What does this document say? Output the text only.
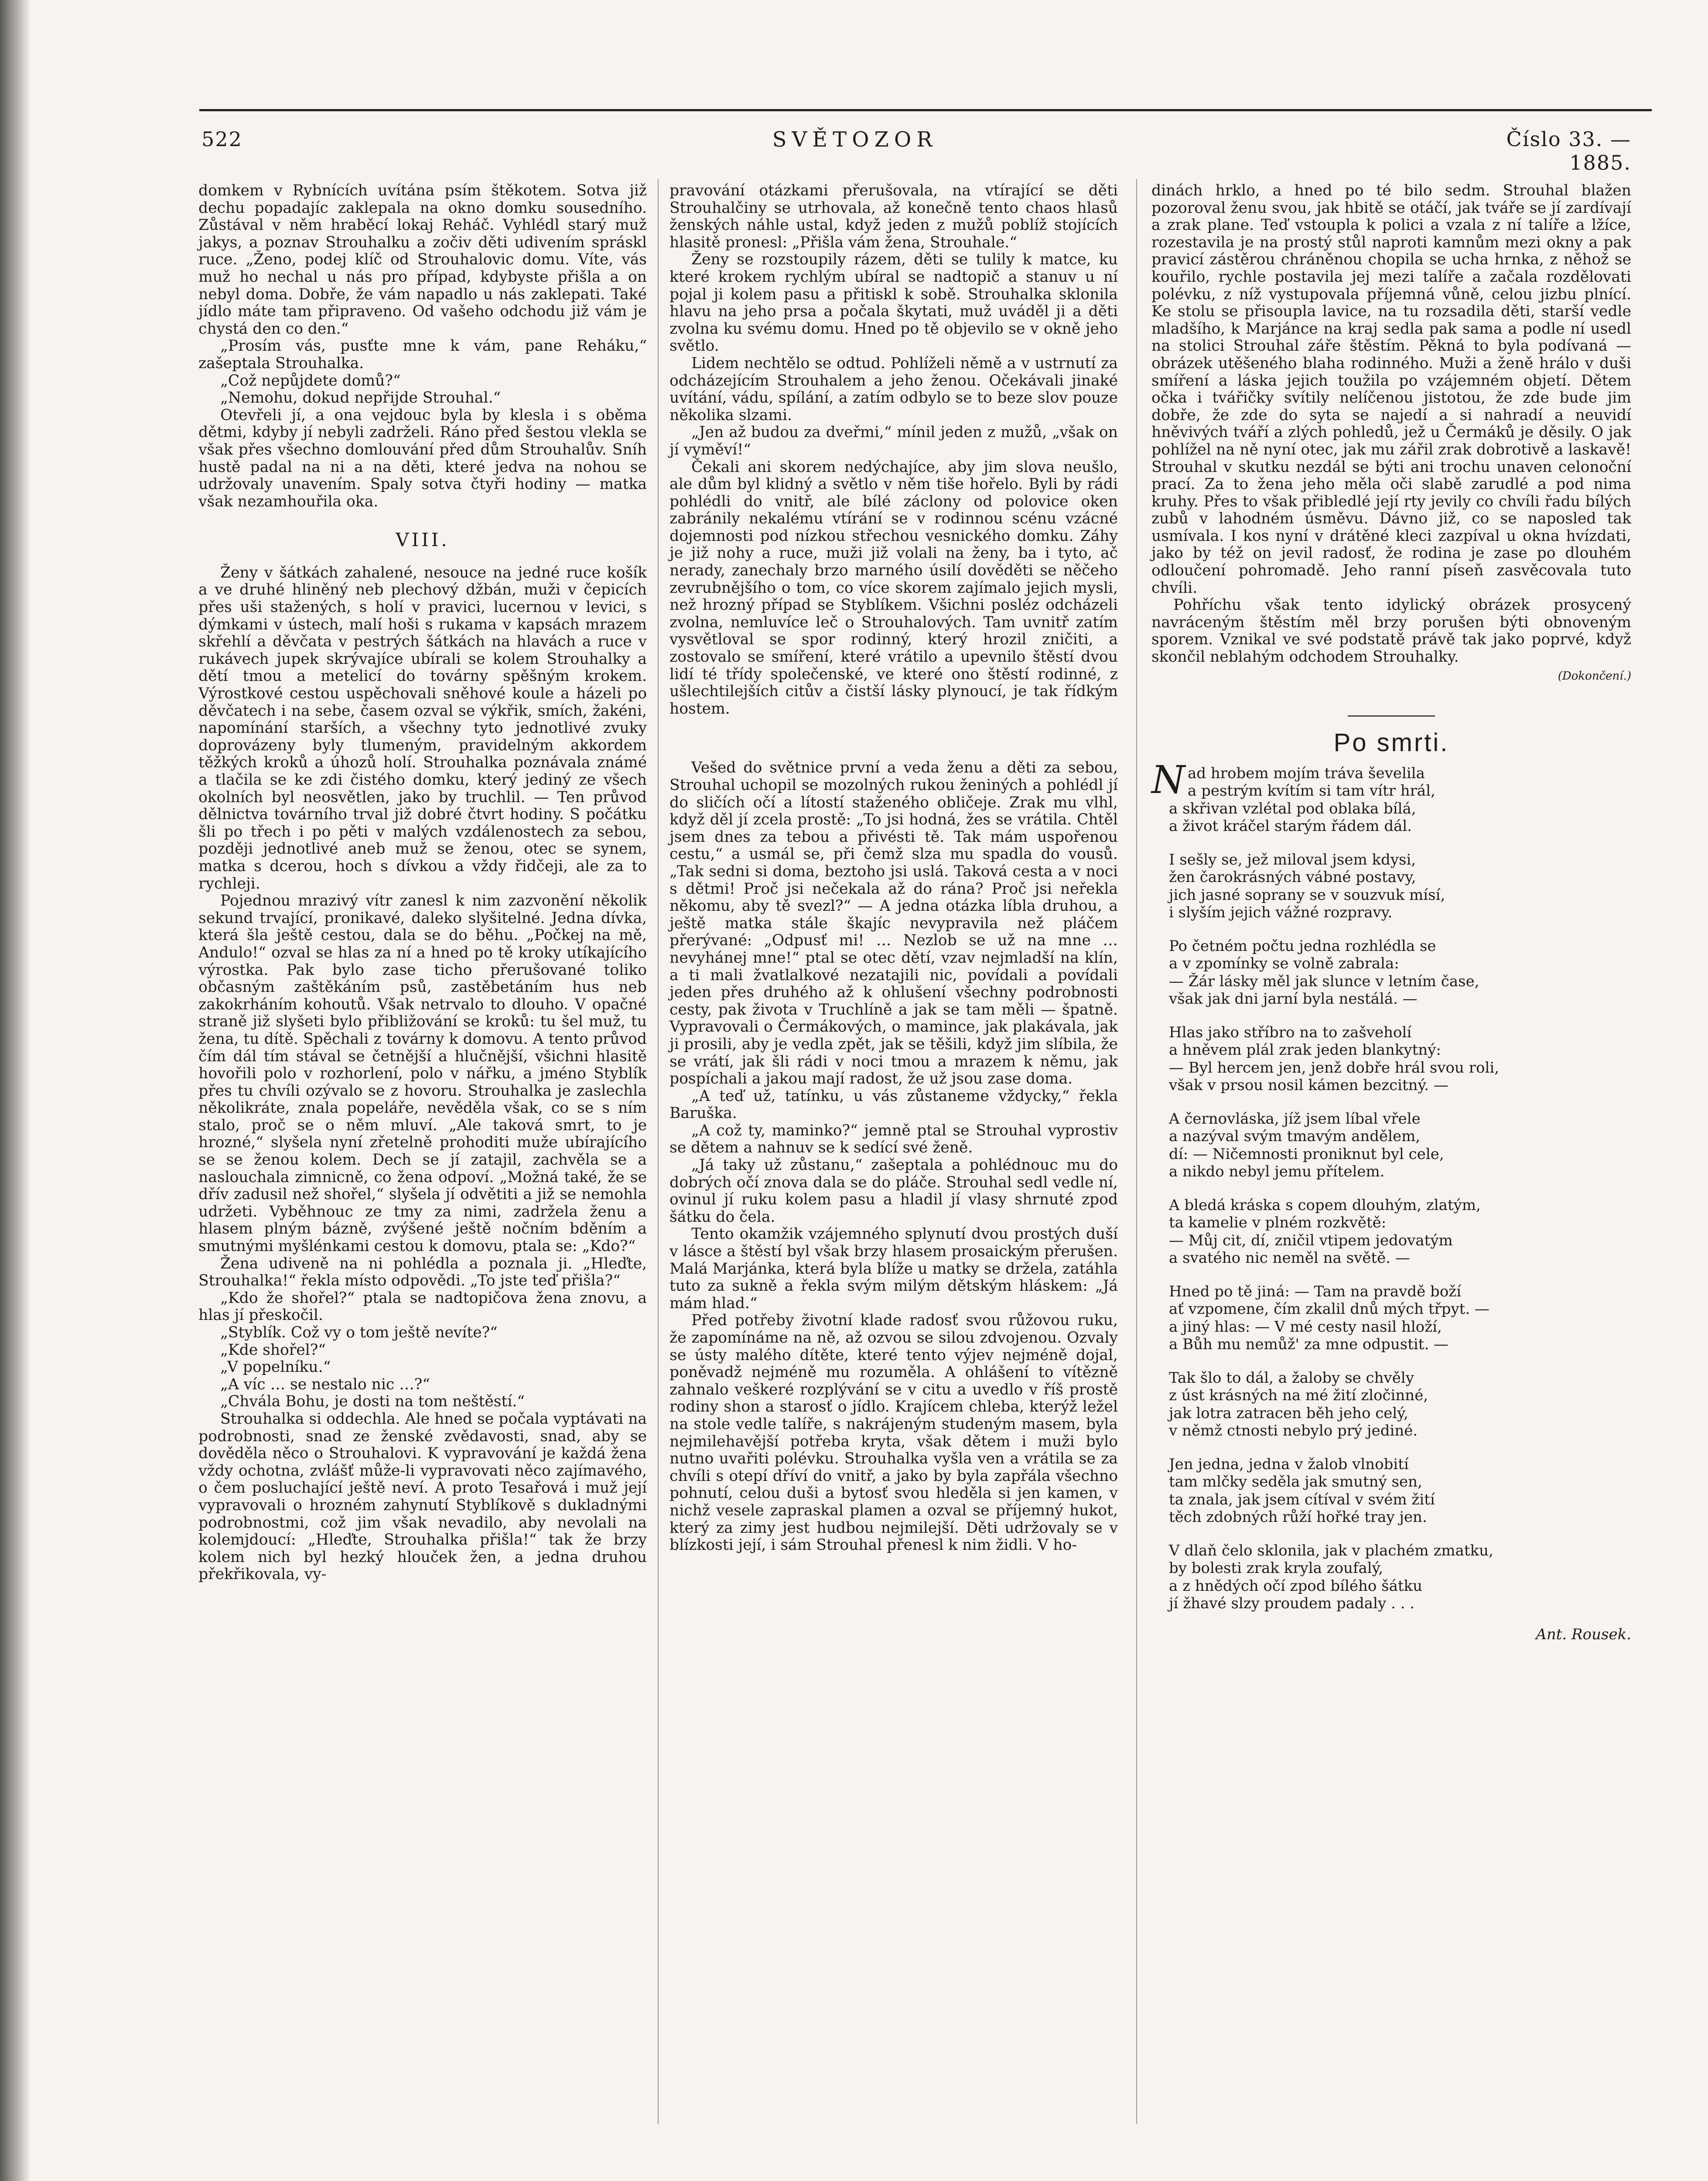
522	SVĚTOZOR	Číslo 33. — 1885.

domkem v Rybnících uvítána psím štěkotem. Sotva již dechu popadajíc zaklepala na okno domku sousedního. Zůstával v něm hraběcí lokaj Reháč. Vyhlédl starý muž jakys, a poznav Strouhalku a zočiv děti udivením spráskl ruce. „Ženo, podej klíč od Strouhalovic domu. Víte, vás muž ho nechal u nás pro případ, kdybyste přišla a on nebyl doma. Dobře, že vám napadlo u nás zaklepati. Také jídlo máte tam připraveno. Od vašeho odchodu již vám je chystá den co den.“

„Prosím vás, pusťte mne k vám, pane Reháku,“ zašeptala Strouhalka.

„Což nepůjdete domů?“

„Nemohu, dokud nepřijde Strouhal.“

Otevřeli jí, a ona vejdouc byla by klesla i s oběma dětmi, kdyby jí nebyli zadrželi. Ráno před šestou vlekla se však přes všechno domlouvání před dům Strouhalův. Sníh hustě padal na ni a na děti, které jedva na nohou se udržovaly unavením. Spaly sotva čtyři hodiny — matka však nezamhouřila oka.

VIII.

Ženy v šátkách zahalené, nesouce na jedné ruce košík a ve druhé hliněný neb plechový džbán, muži v čepicích přes uši stažených, s holí v pravici, lucernou v levici, s dýmkami v ústech, malí hoši s rukama v kapsách mrazem skřehlí a děvčata v pestrých šátkách na hlavách a ruce v rukávech jupek skrývajíce ubírali se kolem Strouhalky a dětí tmou a metelicí do továrny spěšným krokem. Výrostkové cestou uspěchovali sněhové koule a házeli po děvčatech i na sebe, časem ozval se výkřik, smích, žakéni, napomínání starších, a všechny tyto jednotlivé zvuky doprovázeny byly tlumeným, pravidelným akkordem těžkých kroků a úhozů holí. Strouhalka poznávala známé a tlačila se ke zdi čistého domku, který jediný ze všech okolních byl neosvětlen, jako by truchlil. — Ten průvod dělnictva továrního trval již dobré čtvrt hodiny. S počátku šli po třech i po pěti v malých vzdálenostech za sebou, později jednotlivé aneb muž se ženou, otec se synem, matka s dcerou, hoch s dívkou a vždy řidčeji, ale za to rychleji.

Pojednou mrazivý vítr zanesl k nim zazvonění několik sekund trvající, pronikavé, daleko slyšitelné. Jedna dívka, která šla ještě cestou, dala se do běhu. „Počkej na mě, Andulo!“ ozval se hlas za ní a hned po tě kroky utíkajícího výrostka. Pak bylo zase ticho přerušované toliko občasným zaštěkáním psů, zastěbetáním hus neb zakokrháním kohoutů. Však netrvalo to dlouho. V opačné straně již slyšeti bylo přibližování se kroků: tu šel muž, tu žena, tu dítě. Spěchali z továrny k domovu. A tento průvod čím dál tím stával se četnější a hlučnější, všichni hlasitě hovořili polo v rozhorlení, polo v nářku, a jméno Styblík přes tu chvíli ozývalo se z hovoru. Strouhalka je zaslechla několikráte, znala popeláře, nevěděla však, co se s ním stalo, proč se o něm mluví. „Ale taková smrt, to je hrozné,“ slyšela nyní zřetelně prohoditi muže ubírajícího se se ženou kolem. Dech se jí zatajil, zachvěla se a naslouchala zimnicně, co žena odpoví. „Možná také, že se dřív zadusil než shořel,“ slyšela jí odvětiti a již se nemohla udržeti. Vyběhnouc ze tmy za nimi, zadržela ženu a hlasem plným bázně, zvýšené ještě nočním bděním a smutnými myšlénkami cestou k domovu, ptala se: „Kdo?“

Žena udiveně na ni pohlédla a poznala ji. „Hleďte, Strouhalka!“ řekla místo odpovědi. „To jste teď přišla?“

„Kdo že shořel?“ ptala se nadtopičova žena znovu, a hlas jí přeskočil.

„Styblík. Což vy o tom ještě nevíte?“

„Kde shořel?“

„V popelníku.“

„A víc … se nestalo nic …?“

„Chvála Bohu, je dosti na tom neštěstí.“

Strouhalka si oddechla. Ale hned se počala vyptávati na podrobnosti, snad ze ženské zvědavosti, snad, aby se dověděla něco o Strouhalovi. K vypravování je každá žena vždy ochotna, zvlášť může-li vypravovati něco zajímavého, o čem posluchající ještě neví. A proto Tesařová i muž její vypravovali o hrozném zahynutí Styblíkově s dukladnými podrobnostmi, což jim však nevadilo, aby nevolali na kolemjdoucí: „Hleďte, Strouhalka přišla!“ tak že brzy kolem nich byl hezký hlouček žen, a jedna druhou překřikovala, vy-

pravování otázkami přerušovala, na vtírající se děti Strouhalčiny se utrhovala, až konečně tento chaos hlasů ženských náhle ustal, když jeden z mužů poblíž stojících hlasitě pronesl: „Přišla vám žena, Strouhale.“

Ženy se rozstoupily rázem, děti se tulily k matce, ku které krokem rychlým ubíral se nadtopič a stanuv u ní pojal ji kolem pasu a přitiskl k sobě. Strouhalka sklonila hlavu na jeho prsa a počala škytati, muž uváděl ji a děti zvolna ku svému domu. Hned po tě objevilo se v okně jeho světlo.

Lidem nechtělo se odtud. Pohlíželi němě a v ustrnutí za odcházejícím Strouhalem a jeho ženou. Očekávali jinaké uvítání, vádu, spílání, a zatím odbylo se to beze slov pouze několika slzami.

„Jen až budou za dveřmi,“ mínil jeden z mužů, „však on jí vyměví!“

Čekali ani skorem nedýchajíce, aby jim slova neušlo, ale dům byl klidný a světlo v něm tiše hořelo. Byli by rádi pohlédli do vnitř, ale bílé záclony od polovice oken zabránily nekalému vtírání se v rodinnou scénu vzácné dojemnosti pod nízkou střechou vesnického domku. Záhy je již nohy a ruce, muži již volali na ženy, ba i tyto, ač nerady, zanechaly brzo marného úsilí dověděti se něčeho zevrubnějšího o tom, co více skorem zajímalo jejich mysli, než hrozný případ se Styblíkem. Všichni posléz odcházeli zvolna, nemluvíce leč o Strouhalových. Tam uvnitř zatím vysvětloval se spor rodinný, který hrozil zničiti, a zostovalo se smíření, které vrátilo a upevnilo štěstí dvou lidí té třídy společenské, ve které ono štěstí rodinné, z ušlechtilejších citův a čistší lásky plynoucí, je tak řídkým hostem.

Vešed do světnice první a veda ženu a děti za sebou, Strouhal uchopil se mozolných rukou ženiných a pohlédl jí do sličích očí a lítostí staženého obličeje. Zrak mu vlhl, když děl jí zcela prostě: „To jsi hodná, žes se vrátila. Chtěl jsem dnes za tebou a přivésti tě. Tak mám uspořenou cestu,“ a usmál se, při čemž slza mu spadla do vousů. „Tak sedni si doma, beztoho jsi uslá. Taková cesta a v noci s dětmi! Proč jsi nečekala až do rána? Proč jsi neřekla někomu, aby tě svezl?“ — A jedna otázka líbla druhou, a ještě matka stále škajíc nevypravila než pláčem přerývané: „Odpusť mi! … Nezlob se už na mne … nevyhánej mne!“ ptal se otec dětí, vzav nejmladší na klín, a ti mali žvatlalkové nezatajili nic, povídali a povídali jeden přes druhého až k ohlušení všechny podrobnosti cesty, pak života v Truchlíně a jak se tam měli — špatně. Vypravovali o Čermákových, o mamince, jak plakávala, jak ji prosili, aby je vedla zpět, jak se těšili, když jim slíbila, že se vrátí, jak šli rádi v noci tmou a mrazem k němu, jak pospíchali a jakou mají radost, že už jsou zase doma.

„A teď už, tatínku, u vás zůstaneme vždycky,“ řekla Baruška.

„A což ty, maminko?“ jemně ptal se Strouhal vyprostiv se dětem a nahnuv se k sedící své ženě.

„Já taky už zůstanu,“ zašeptala a pohlédnouc mu do dobrých očí znova dala se do pláče. Strouhal sedl vedle ní, ovinul jí ruku kolem pasu a hladil jí vlasy shrnuté zpod šátku do čela.

Tento okamžik vzájemného splynutí dvou prostých duší v lásce a štěstí byl však brzy hlasem prosaickým přerušen. Malá Marjánka, která byla blíže u matky se držela, zatáhla tuto za sukně a řekla svým milým dětským hláskem: „Já mám hlad.“

Před potřeby životní klade radosť svou růžovou ruku, že zapomínáme na ně, až ozvou se silou zdvojenou. Ozvaly se ústy malého dítěte, které tento výjev nejméně dojal, poněvadž nejméně mu rozuměla. A ohlášení to vítězně zahnalo veškeré rozplývání se v citu a uvedlo v říš prostě rodiny shon a starosť o jídlo. Krajícem chleba, kterýž ležel na stole vedle talíře, s nakrájeným studeným masem, byla neјmilehavější potřeba kryta, však dětem i muži bylo nutno uvařiti polévku. Strouhalka vyšla ven a vrátila se za chvíli s otepí dříví do vnitř, a jako by byla zapřála všechno pohnutí, celou duši a bytosť svou hleděla si jen kamen, v nichž vesele zapraskal plamen a ozval se příjemný hukot, který za zimy jest hudbou nejmilejší. Děti udržovaly se v blízkosti její, i sám Strouhal přenesl k nim židli. V ho-

dinách hrklo, a hned po té bilo sedm. Strouhal blažen pozoroval ženu svou, jak hbitě se otáčí, jak tváře se jí zardívají a zrak plane. Teď vstoupla k polici a vzala z ní talíře a lžíce, rozestavila je na prostý stůl naproti kamnům mezi okny a pak pravicí zástěrou chráněnou chopila se ucha hrnka, z něhož se kouřilo, rychle postavila jej mezi talíře a začala rozdělovati polévku, z níž vystupovala příjemná vůně, celou jizbu plnící. Ke stolu se přisoupla lavice, na tu rozsadila děti, starší vedle mladšího, k Marjánce na kraj sedla pak sama a podle ní usedl na stolici Strouhal záře štěstím. Pěkná to byla podívaná — obrázek utěšeného blaha rodinného. Muži a ženě hrálo v duši smíření a láska jejich toužila po vzájemném objetí. Dětem očka i tvářičky svítily nelíčenou jistotou, že zde bude jim dobře, že zde do syta se najedí a si nahradí a neuvidí hněvivých tváří a zlých pohledů, jež u Čermáků je děsily. O jak pohlížel na ně nyní otec, jak mu zářil zrak dobrotivě a laskavě! Strouhal v skutku nezdál se býti ani trochu unaven celonoční prací. Za to žena jeho měla oči slabě zarudlé a pod nima kruhy. Přes to však přibledlé její rty jevily co chvíli řadu bílých zubů v lahodném úsměvu. Dávno již, co se naposled tak usmívala. I kos nyní v drátěné kleci zazpíval u okna hvízdati, jako by též on jevil radosť, že rodina je zase po dlouhém odloučení pohromadě. Jeho ranní píseň zasvěcovala tuto chvíli.

Pohříchu však tento idylický obrázek prosycený navráceným štěstím měl brzy porušen býti obnoveným sporem. Vznikal ve své podstatě právě tak jako poprvé, když skončil neblahým odchodem Strouhalky.

(Dokončení.)
Po smrti.
N ad hrobem mojím tráva ševelila
a pestrým kvítím si tam vítr hrál,
a skřivan vzlétal pod oblaka bílá,
a život kráčel starým řádem dál.
I sešly se, jež miloval jsem kdysi,
žen čarokrásných vábné postavy,
jich jasné soprany se v souzvuk mísí,
i slyším jejich vážné rozpravy.
Po četném počtu jedna rozhlédla se
a v zpomínky se volně zabrala:
— Žár lásky měl jak slunce v letním čase,
však jak dni jarní byla nestálá. —
Hlas jako stříbro na to zašveholí
a hněvem plál zrak jeden blankytný:
— Byl hercem jen, jenž dobře hrál svou roli,
však v prsou nosil kámen bezcitný. —
A černovláska, jíž jsem líbal vřele
a nazýval svým tmavým andělem,
dí: — Ničemnosti proniknut byl cele,
a nikdo nebyl jemu přítelem.
A bledá kráska s copem dlouhým, zlatým,
ta kamelie v plném rozkvětě:
— Můj cit, dí, zničil vtipem jedovatým
a svatého nic neměl na světě. —
Hned po tě jiná: — Tam na pravdě boží
ať vzpomene, čím zkalil dnů mých třpyt. —
a jiný hlas: — V mé cesty nasil hloží,
a Bůh mu nemůž' za mne odpustit. —
Tak šlo to dál, a žaloby se chvěly
z úst krásných na mé žití zločinné,
jak lotra zatracen běh jeho celý,
v němž ctnosti nebylo prý jediné.
Jen jedna, jedna v žalob vlnobití
tam mlčky seděla jak smutný sen,
ta znala, jak jsem cítíval v svém žití
těch zdobných růží hořké tray jen.
V dlaň čelo sklonila, jak v plachém zmatku,
by bolesti zrak kryla zoufalý,
a z hnědých očí zpod bílého šátku
jí žhavé slzy proudem padaly . . .
Ant. Rousek.
